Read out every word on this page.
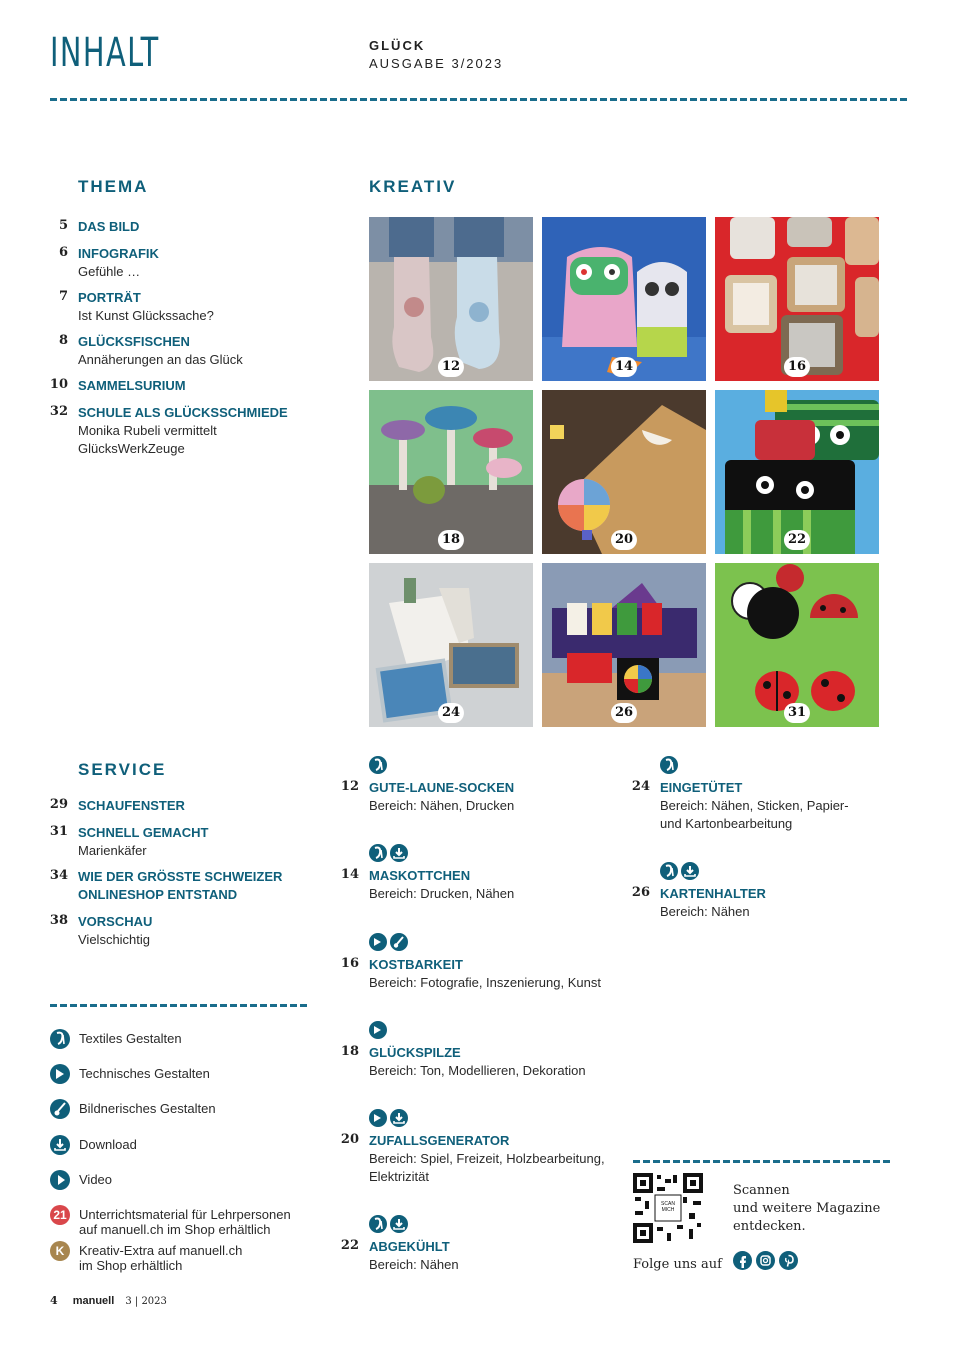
INHALT	GLÜCK
AUSGABE 3/2023
THEMA
5 DAS BILD
6 INFOGRAFIK
Gefühle …
7 PORTRÄT
Ist Kunst Glückssache?
8 GLÜCKSFISCHEN
Annäherungen an das Glück
10 SAMMELSURIUM
32 SCHULE ALS GLÜCKSSCHMIEDE
Monika Rubeli vermittelt GlücksWerkZeuge
KREATIV
12	14	16
18	20	22
24	26	31
12 GUTE-LAUNE-SOCKEN
Bereich: Nähen, Drucken
14 MASKOTTCHEN
Bereich: Drucken, Nähen
16 KOSTBARKEIT
Bereich: Fotografie, Inszenierung, Kunst
18 GLÜCKSPILZE
Bereich: Ton, Modellieren, Dekoration
20 ZUFALLSGENERATOR
Bereich: Spiel, Freizeit, Holzbearbeitung, Elektrizität
22 ABGEKÜHLT
Bereich: Nähen
24 EINGETÜTET
Bereich: Nähen, Sticken, Papier- und Kartonbearbeitung
26 KARTENHALTER
Bereich: Nähen
SERVICE
29 SCHAUFENSTER
31 SCHNELL GEMACHT
Marienkäfer
34 WIE DER GRÖSSTE SCHWEIZER ONLINESHOP ENTSTAND
38 VORSCHAU
Vielschichtig
Textiles Gestalten
Technisches Gestalten
Bildnerisches Gestalten
Download
Video
21 Unterrichtsmaterial für Lehrpersonen
auf manuell.ch im Shop erhältlich
K Kreativ-Extra auf manuell.ch
im Shop erhältlich
SCAN MICH
Scannen
und weitere Magazine
entdecken.
Folge uns auf
4 manuell 3 | 2023
